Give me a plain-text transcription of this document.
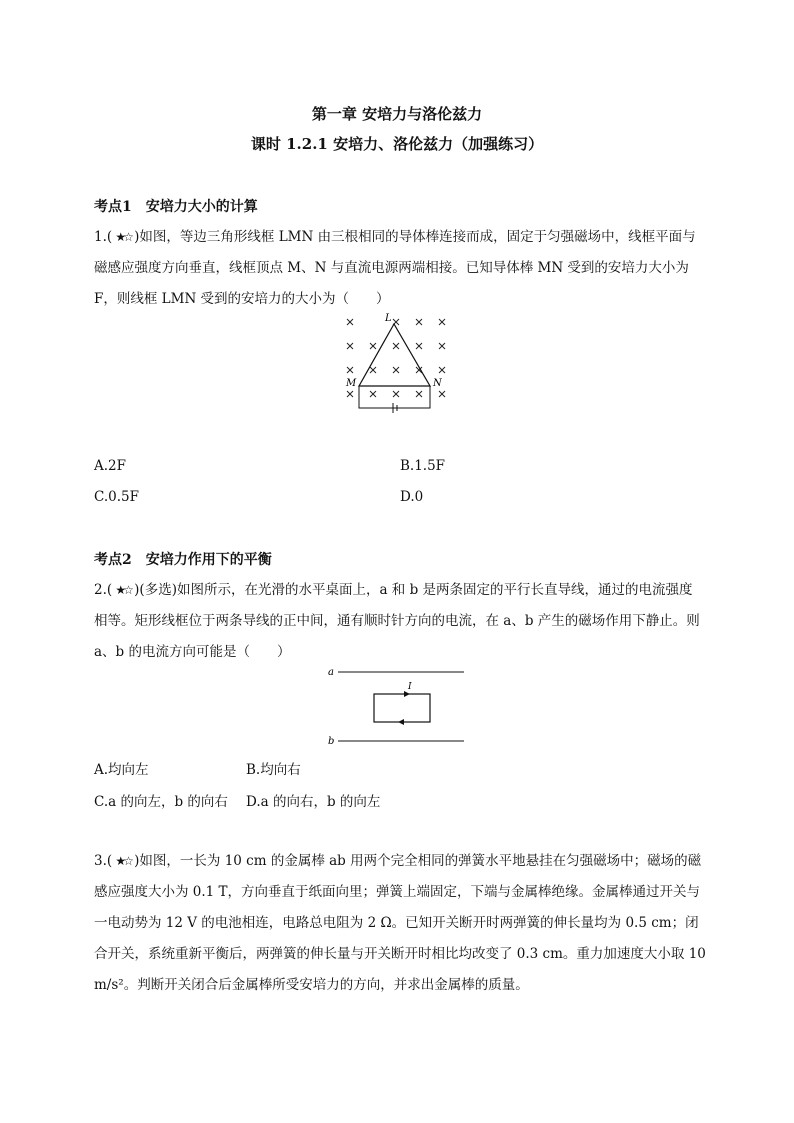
第一章 安培力与洛伦兹力
课时 1.2.1 安培力、洛伦兹力（加强练习）
考点1　安培力大小的计算
1.( ★☆ )如图，等边三角形线框 LMN 由三根相同的导体棒连接而成，固定于匀强磁场中，线框平面与磁感应强度方向垂直，线框顶点 M、N 与直流电源两端相接。已知导体棒 MN 受到的安培力大小为 F，则线框 LMN 受到的安培力的大小为（　　）
L
M	N
A.2F	B.1.5F
C.0.5F	D.0
考点2　安培力作用下的平衡
2.( ★☆ )(多选)如图所示，在光滑的水平桌面上，a 和 b 是两条固定的平行长直导线，通过的电流强度相等。矩形线框位于两条导线的正中间，通有顺时针方向的电流，在 a、b 产生的磁场作用下静止。则 a、b 的电流方向可能是（　　）
a
I
b
A.均向左	B.均向右
C.a 的向左，b 的向右 D.a 的向右，b 的向左
3.( ★☆ )如图，一长为 10 cm 的金属棒 ab 用两个完全相同的弹簧水平地悬挂在匀强磁场中；磁场的磁感应强度大小为 0.1 T，方向垂直于纸面向里；弹簧上端固定，下端与金属棒绝缘。金属棒通过开关与一电动势为 12 V 的电池相连，电路总电阻为 2 Ω。已知开关断开时两弹簧的伸长量均为 0.5 cm；闭合开关，系统重新平衡后，两弹簧的伸长量与开关断开时相比均改变了 0.3 cm。重力加速度大小取 10 m/s²。判断开关闭合后金属棒所受安培力的方向，并求出金属棒的质量。
